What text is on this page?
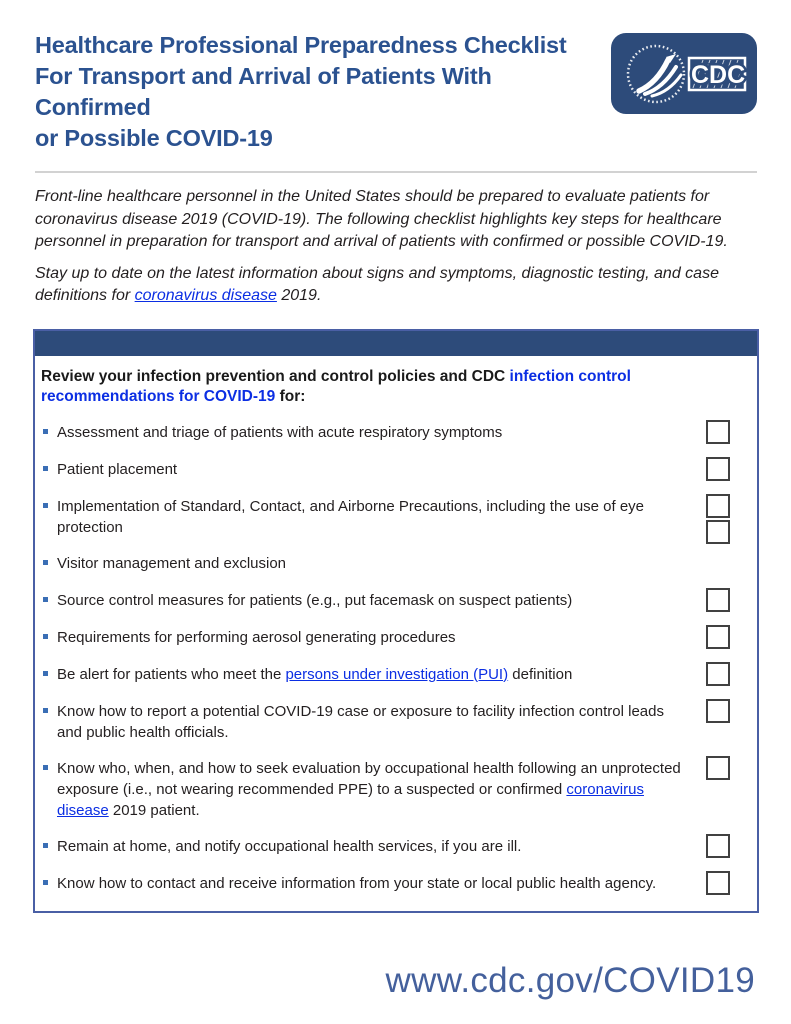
Healthcare Professional Preparedness Checklist
For Transport and Arrival of Patients With Confirmed
or Possible COVID-19
CDC

Front-line healthcare personnel in the United States should be prepared to evaluate patients for coronavirus disease 2019 (COVID-19). The following checklist highlights key steps for healthcare personnel in preparation for transport and arrival of patients with confirmed or possible COVID-19.

Stay up to date on the latest information about signs and symptoms, diagnostic testing, and case definitions for coronavirus disease 2019.

Review your infection prevention and control policies and CDC infection control recommendations for COVID-19 for:

Assessment and triage of patients with acute respiratory symptoms
Patient placement
Implementation of Standard, Contact, and Airborne Precautions, including the use of eye protection
Visitor management and exclusion
Source control measures for patients (e.g., put facemask on suspect patients)
Requirements for performing aerosol generating procedures
Be alert for patients who meet the persons under investigation (PUI) definition
Know how to report a potential COVID-19 case or exposure to facility infection control leads and public health officials.
Know who, when, and how to seek evaluation by occupational health following an unprotected exposure (i.e., not wearing recommended PPE) to a suspected or confirmed coronavirus disease 2019 patient.
Remain at home, and notify occupational health services, if you are ill.
Know how to contact and receive information from your state or local public health agency.
www.cdc.gov/COVID19
